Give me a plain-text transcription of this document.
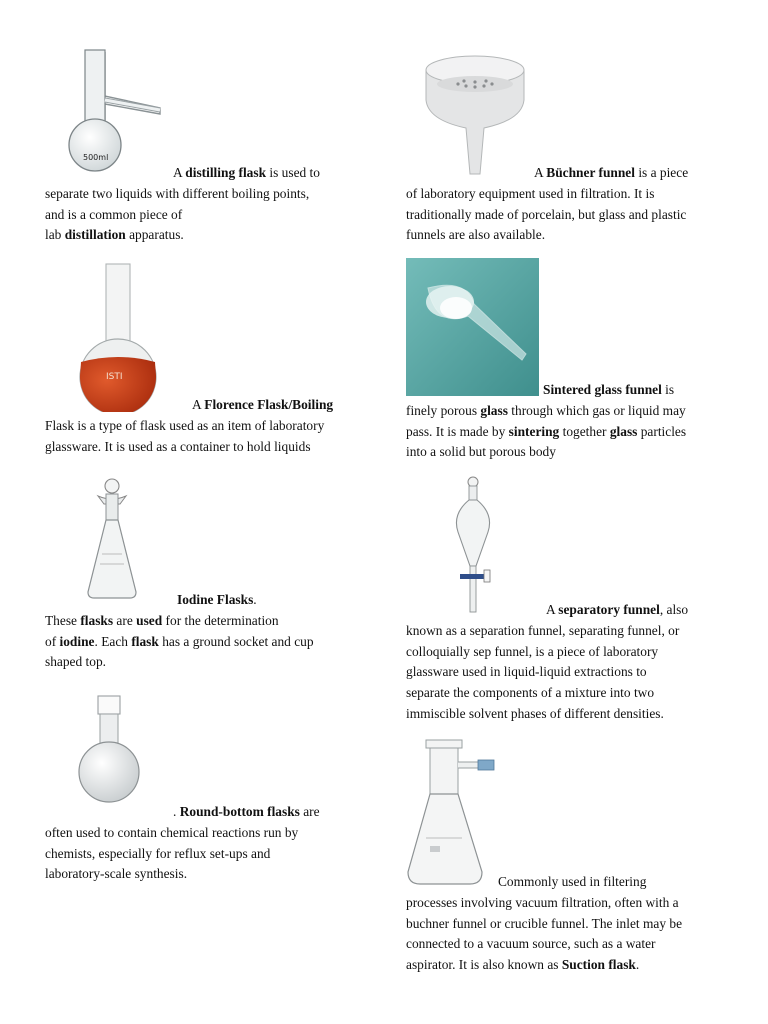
500ml
ISTI

A distilling flask is used to

separate two liquids with different boiling points,

and is a common piece of

lab distillation apparatus.

A Florence Flask/Boiling

Flask is a type of flask used as an item of laboratory

glassware. It is used as a container to hold liquids

Iodine Flasks.

These flasks are used for the determination

of iodine. Each flask has a ground socket and cup

shaped top.

. Round-bottom flasks are

often used to contain chemical reactions run by

chemists, especially for reflux set-ups and

laboratory-scale synthesis.

A Büchner funnel is a piece

of laboratory equipment used in filtration. It is

traditionally made of porcelain, but glass and plastic

funnels are also available.

Sintered glass funnel is

finely porous glass through which gas or liquid may

pass. It is made by sintering together glass particles

into a solid but porous body

A separatory funnel, also

known as a separation funnel, separating funnel, or

colloquially sep funnel, is a piece of laboratory

glassware used in liquid-liquid extractions to

separate the components of a mixture into two

immiscible solvent phases of different densities.

Commonly used in filtering

processes involving vacuum filtration, often with a

buchner funnel or crucible funnel. The inlet may be

connected to a vacuum source, such as a water

aspirator. It is also known as Suction flask.
